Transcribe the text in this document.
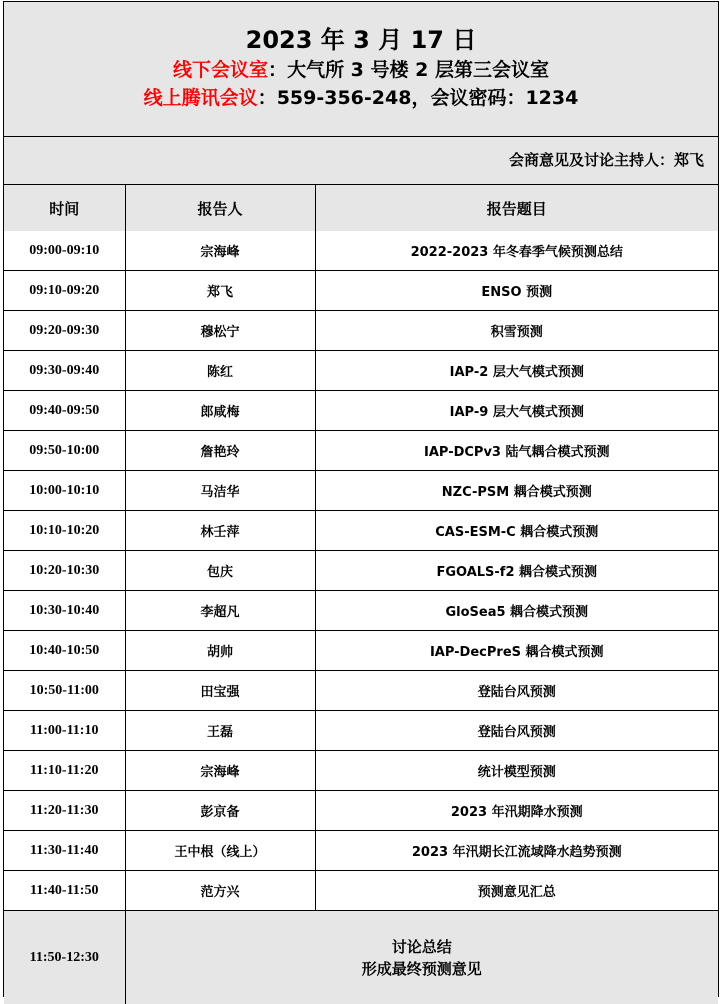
2023 年 3 月 17 日
线下会议室：大气所 3 号楼 2 层第三会议室
线上腾讯会议：559-356-248，会议密码：1234
会商意见及讨论主持人：郑飞
时间	报告人	报告题目
09:00-09:10	宗海峰	2022-2023 年冬春季气候预测总结
09:10-09:20	郑飞	ENSO 预测
09:20-09:30	穆松宁	积雪预测
09:30-09:40	陈红	IAP-2 层大气模式预测
09:40-09:50	郎咸梅	IAP-9 层大气模式预测
09:50-10:00	詹艳玲	IAP-DCPv3 陆气耦合模式预测
10:00-10:10	马洁华	NZC-PSM 耦合模式预测
10:10-10:20	林壬萍	CAS-ESM-C 耦合模式预测
10:20-10:30	包庆	FGOALS-f2 耦合模式预测
10:30-10:40	李超凡	GloSea5 耦合模式预测
10:40-10:50	胡帅	IAP-DecPreS 耦合模式预测
10:50-11:00	田宝强	登陆台风预测
11:00-11:10	王磊	登陆台风预测
11:10-11:20	宗海峰	统计模型预测
11:20-11:30	彭京备	2023 年汛期降水预测
11:30-11:40	王中根（线上）	2023 年汛期长江流域降水趋势预测
11:40-11:50	范方兴	预测意见汇总
11:50-12:30	讨论总结
形成最终预测意见	
